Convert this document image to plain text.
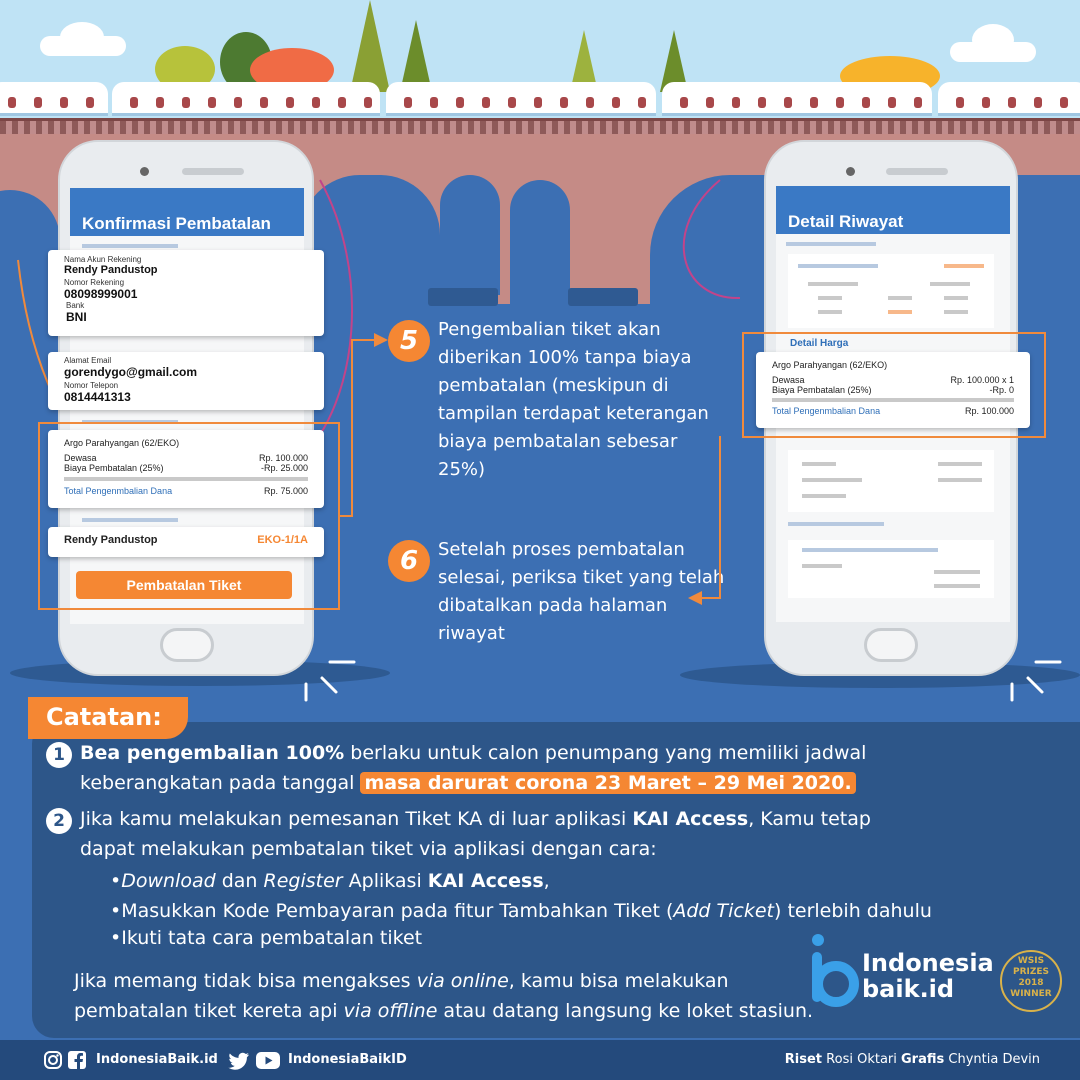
Konfirmasi Pembatalan
Nama Akun Rekening
Rendy Pandustop
Nomor Rekening
08098999001
Bank
BNI
Alamat Email
gorendygo@gmail.com
Nomor Telepon
0814441313
Argo Parahyangan (62/EKO)
Dewasa	Rp. 100.000
Biaya Pembatalan (25%)	-Rp. 25.000
Total Pengenmbalian Dana	Rp. 75.000
Rendy Pandustop	EKO-1/1A
Pembatalan Tiket
Detail Riwayat
Detail Harga
Argo Parahyangan (62/EKO)
Dewasa	Rp. 100.000 x 1
Biaya Pembatalan (25%)	-Rp. 0
Total Pengenmbalian Dana	Rp. 100.000
5	Pengembalian tiket akan diberikan 100% tanpa biaya pembatalan (meskipun di tampilan terdapat keterangan biaya pembatalan sebesar 25%)
6	Setelah proses pembatalan selesai, periksa tiket yang telah dibatalkan pada halaman riwayat
Catatan:
1 Bea pengembalian 100% berlaku untuk calon penumpang yang memiliki jadwal keberangkatan pada tanggal masa darurat corona 23 Maret – 29 Mei 2020.
2 Jika kamu melakukan pemesanan Tiket KA di luar aplikasi KAI Access, Kamu tetap dapat melakukan pembatalan tiket via aplikasi dengan cara:
•Download dan Register Aplikasi KAI Access,
•Masukkan Kode Pembayaran pada fitur Tambahkan Tiket (Add Ticket) terlebih dahulu
•Ikuti tata cara pembatalan tiket
Jika memang tidak bisa mengakses via online, kamu bisa melakukan pembatalan tiket kereta api via offline atau datang langsung ke loket stasiun.
Indonesia
baik.id
WSIS
PRIZES
2018
WINNER
IndonesiaBaik.id	IndonesiaBaikID	Riset Rosi Oktari Grafis Chyntia Devin
